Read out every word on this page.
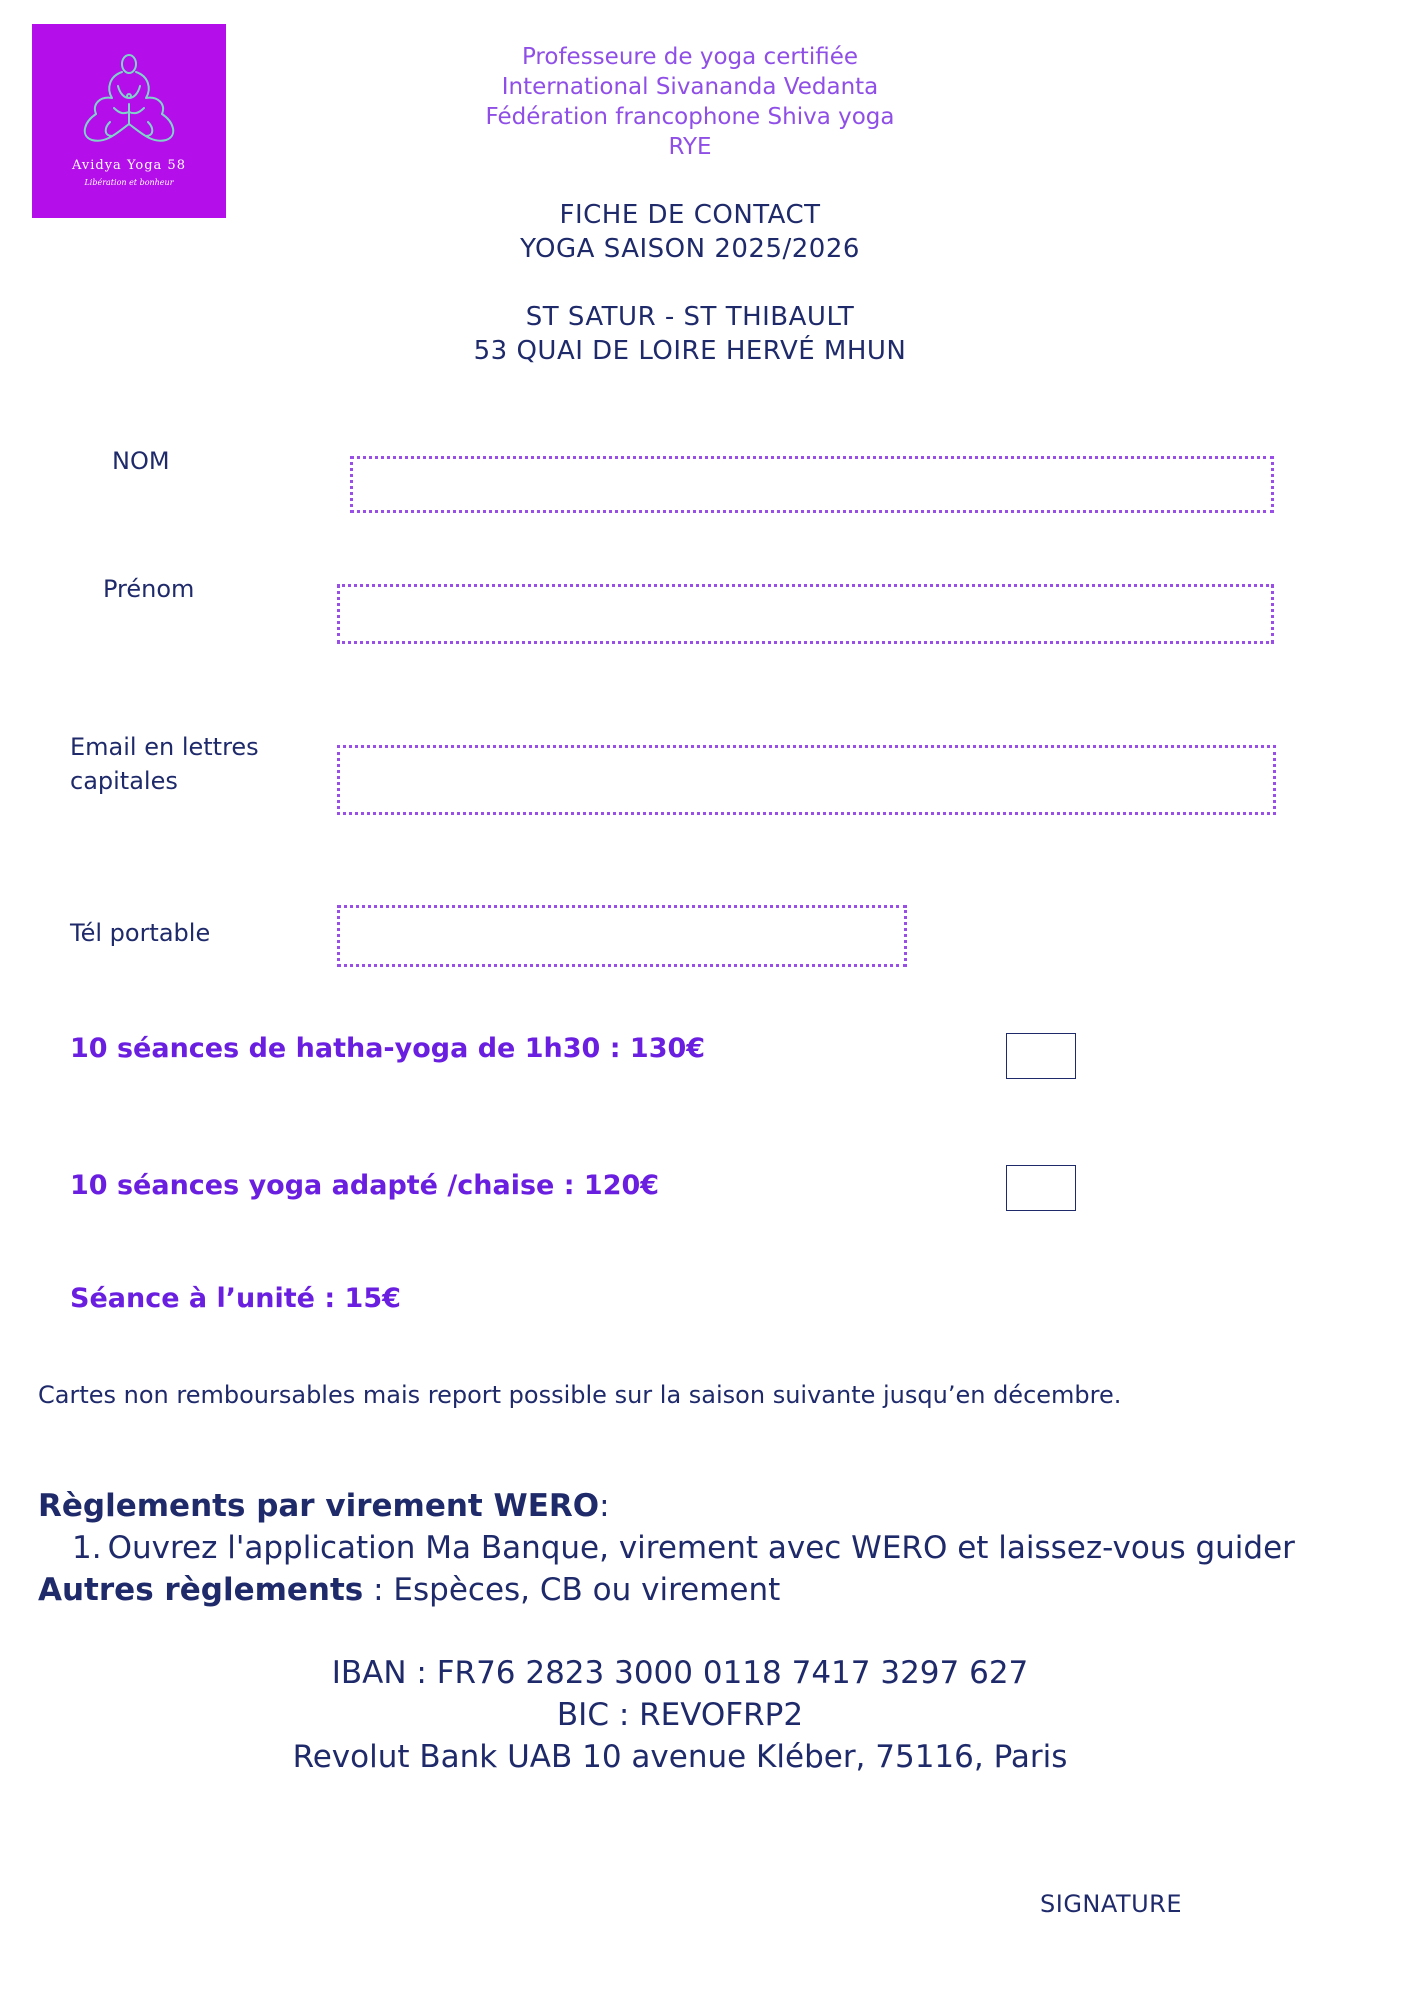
Avidya Yoga 58
Libération et bonheur
Professeure de yoga certifiée
International Sivananda Vedanta
Fédération francophone Shiva yoga
RYE
FICHE DE CONTACT
YOGA SAISON 2025/2026
ST SATUR - ST THIBAULT
53 QUAI DE LOIRE HERVÉ MHUN
NOM
Prénom
Email en lettres
capitales
Tél portable
10 séances de hatha-yoga de 1h30 : 130€
10 séances yoga adapté /chaise : 120€
Séance à l’unité : 15€
Cartes non remboursables mais report possible sur la saison suivante jusqu’en décembre.
Règlements par virement WERO:
1. Ouvrez l'application Ma Banque, virement avec WERO et laissez-vous guider
Autres règlements : Espèces, CB ou virement
IBAN : FR76 2823 3000 0118 7417 3297 627
BIC : REVOFRP2
Revolut Bank UAB 10 avenue Kléber, 75116, Paris
SIGNATURE
